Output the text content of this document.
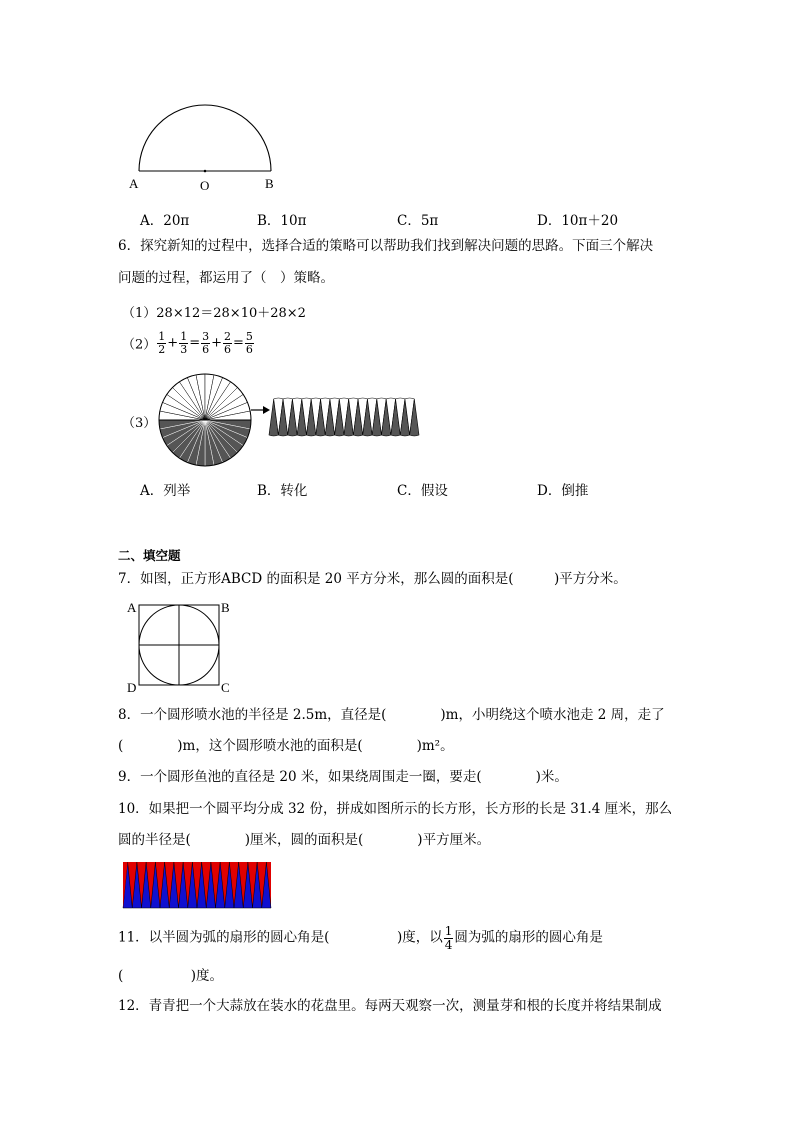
A	O	B
A．20π	B．10π	C．5π	D．10π＋20
6．探究新知的过程中，选择合适的策略可以帮助我们找到解决问题的思路。下面三个解决
问题的过程，都运用了（　）策略。
（1）28×12＝28×10＋28×2
$(2) \frac{1}{2} + \frac{1}{3} = \frac{3}{6} + \frac{2}{6} = \frac{5}{6}$
（3）
A．列举	B．转化	C．假设	D．倒推
二、填空题
7．如图，正方形ABCD 的面积是 20 平方分米，那么圆的面积是(　　　)平方分米。
A	B
D	C
8．一个圆形喷水池的半径是 2.5m，直径是(　　　　)m，小明绕这个喷水池走 2 周，走了
(　　　　)m，这个圆形喷水池的面积是(　　　　)m²。
9．一个圆形鱼池的直径是 20 米，如果绕周围走一圈，要走(　　　　)米。
10．如果把一个圆平均分成 32 份，拼成如图所示的长方形，长方形的长是 31.4 厘米，那么
圆的半径是(　　　　)厘米，圆的面积是(　　　　)平方厘米。
11．以半圆为弧的扇形的圆心角是(　　　　　)度，以 $\frac{1}{4}$ 圆为弧的扇形的圆心角是
(　　　　　)度。
12．青青把一个大蒜放在装水的花盘里。每两天观察一次，测量芽和根的长度并将结果制成
